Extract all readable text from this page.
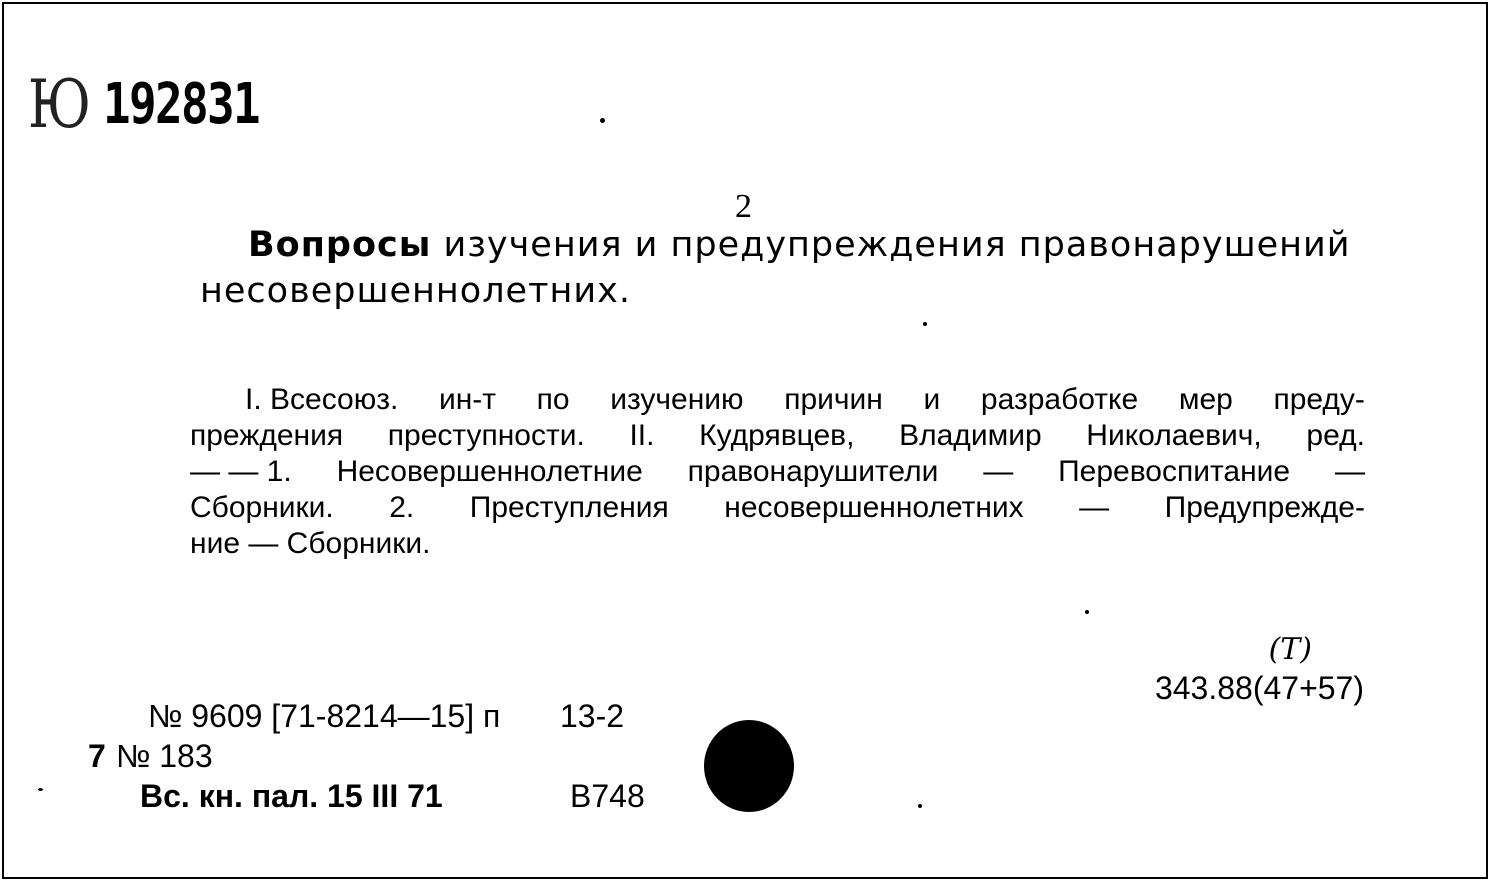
Ю 192831
2

Вопросы изучения и предупреждения правонарушений
несовершеннолетних.

I. Всесоюз. ин-т по изучению причин и разработке мер преду-
преждения преступности. II. Кудрявцев, Владимир Николаевич, ред.
— — 1. Несовершеннолетние правонарушители — Перевоспитание —
Сборники. 2. Преступления несовершеннолетних — Предупрежде-
ние — Сборники.
(Т)
343.88(47+57)
№ 9609 [71-8214—15] п	13-2
7 № 183
Вс. кн. пал. 15 III 71	В748
